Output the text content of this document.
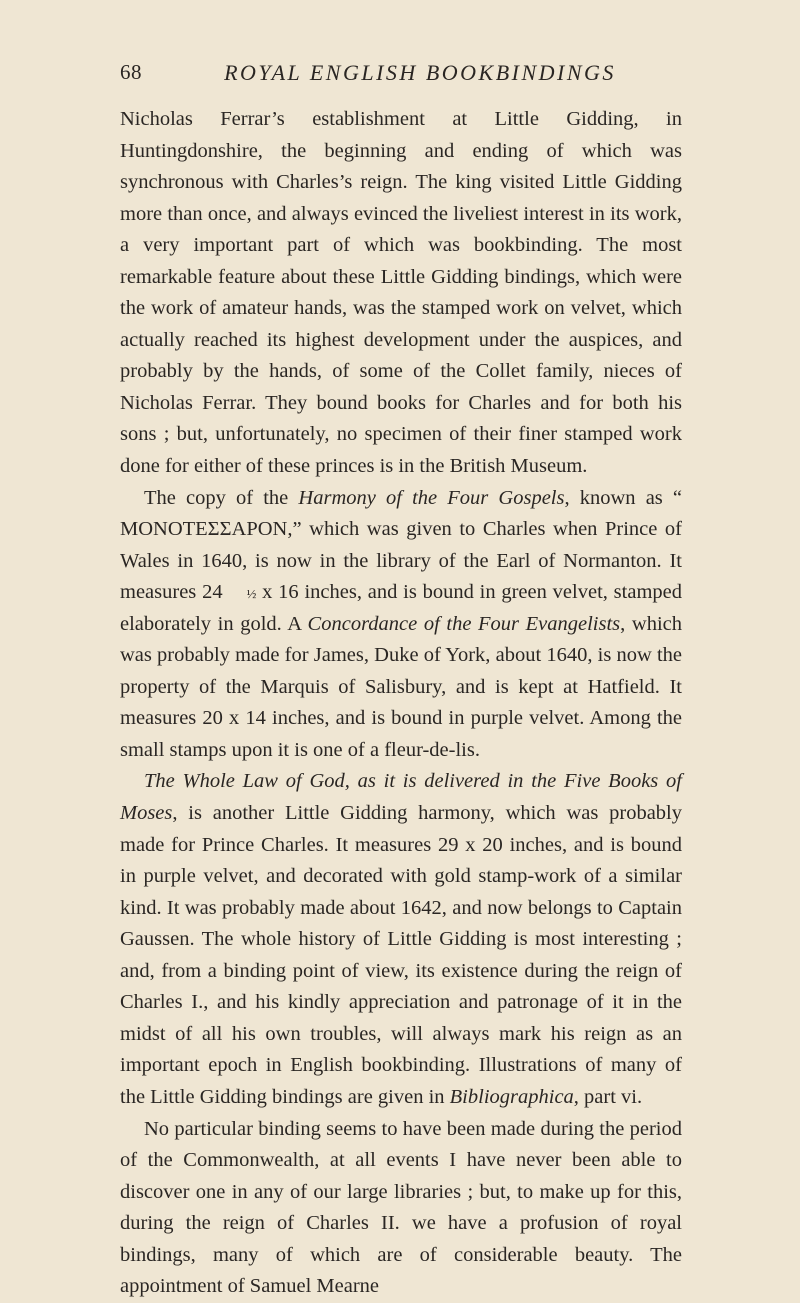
68	ROYAL ENGLISH BOOKBINDINGS

Nicholas Ferrar’s establishment at Little Gidding, in Huntingdonshire, the beginning and ending of which was synchronous with Charles’s reign. The king visited Little Gidding more than once, and always evinced the liveliest interest in its work, a very important part of which was bookbinding. The most remarkable feature about these Little Gidding bindings, which were the work of amateur hands, was the stamped work on velvet, which actually reached its highest development under the auspices, and probably by the hands, of some of the Collet family, nieces of Nicholas Ferrar. They bound books for Charles and for both his sons ; but, unfortunately, no specimen of their finer stamped work done for either of these princes is in the British Museum.

The copy of the Harmony of the Four Gospels, known as “ MONOTEΣΣAPON,” which was given to Charles when Prince of Wales in 1640, is now in the library of the Earl of Normanton. It measures 24 ½ x 16 inches, and is bound in green velvet, stamped elaborately in gold. A Concordance of the Four Evangelists, which was probably made for James, Duke of York, about 1640, is now the property of the Marquis of Salisbury, and is kept at Hatfield. It measures 20 x 14 inches, and is bound in purple velvet. Among the small stamps upon it is one of a fleur-de-lis.

The Whole Law of God, as it is delivered in the Five Books of Moses, is another Little Gidding harmony, which was probably made for Prince Charles. It measures 29 x 20 inches, and is bound in purple velvet, and decorated with gold stamp-work of a similar kind. It was probably made about 1642, and now belongs to Captain Gaussen. The whole history of Little Gidding is most interesting ; and, from a binding point of view, its existence during the reign of Charles I., and his kindly appreciation and patronage of it in the midst of all his own troubles, will always mark his reign as an important epoch in English bookbinding. Illustrations of many of the Little Gidding bindings are given in Bibliographica, part vi.

No particular binding seems to have been made during the period of the Commonwealth, at all events I have never been able to discover one in any of our large libraries ; but, to make up for this, during the reign of Charles II. we have a profusion of royal bindings, many of which are of considerable beauty. The appointment of Samuel Mearne
